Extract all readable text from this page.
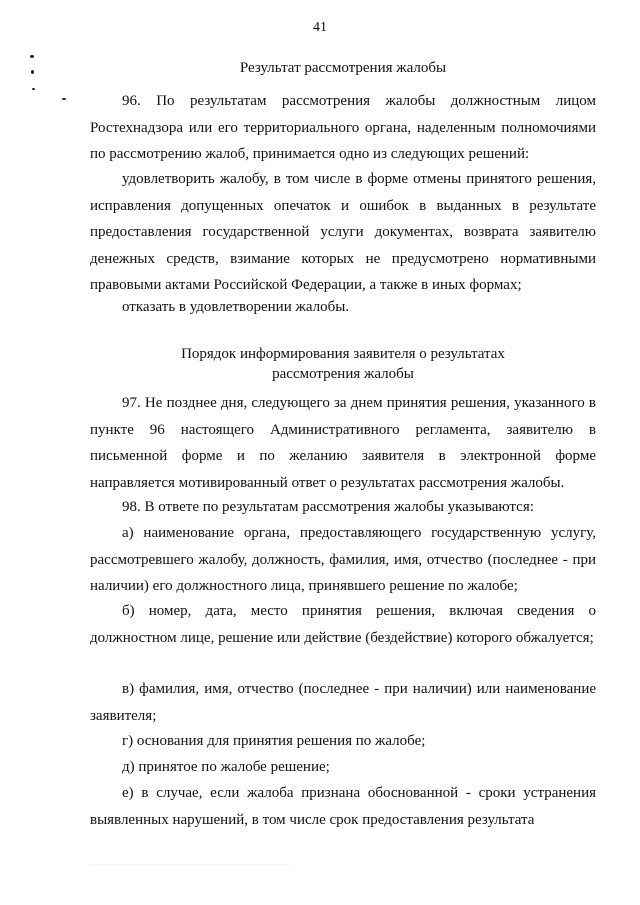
41
Результат рассмотрения жалобы

96. По результатам рассмотрения жалобы должностным лицом Ростехнадзора или его территориального органа, наделенным полномочиями по рассмотрению жалоб, принимается одно из следующих решений:

удовлетворить жалобу, в том числе в форме отмены принятого решения, исправления допущенных опечаток и ошибок в выданных в результате предоставления государственной услуги документах, возврата заявителю денежных средств, взимание которых не предусмотрено нормативными правовыми актами Российской Федерации, а также в иных формах;

отказать в удовлетворении жалобы.

Порядок информирования заявителя о результатах
рассмотрения жалобы

97. Не позднее дня, следующего за днем принятия решения, указанного в пункте 96 настоящего Административного регламента, заявителю в письменной форме и по желанию заявителя в электронной форме направляется мотивированный ответ о результатах рассмотрения жалобы.

98. В ответе по результатам рассмотрения жалобы указываются:

а) наименование органа, предоставляющего государственную услугу, рассмотревшего жалобу, должность, фамилия, имя, отчество (последнее - при наличии) его должностного лица, принявшего решение по жалобе;

б) номер, дата, место принятия решения, включая сведения о должностном лице, решение или действие (бездействие) которого обжалуется;

в) фамилия, имя, отчество (последнее - при наличии) или наименование заявителя;

г) основания для принятия решения по жалобе;

д) принятое по жалобе решение;

е) в случае, если жалоба признана обоснованной - сроки устранения выявленных нарушений, в том числе срок предоставления результата
